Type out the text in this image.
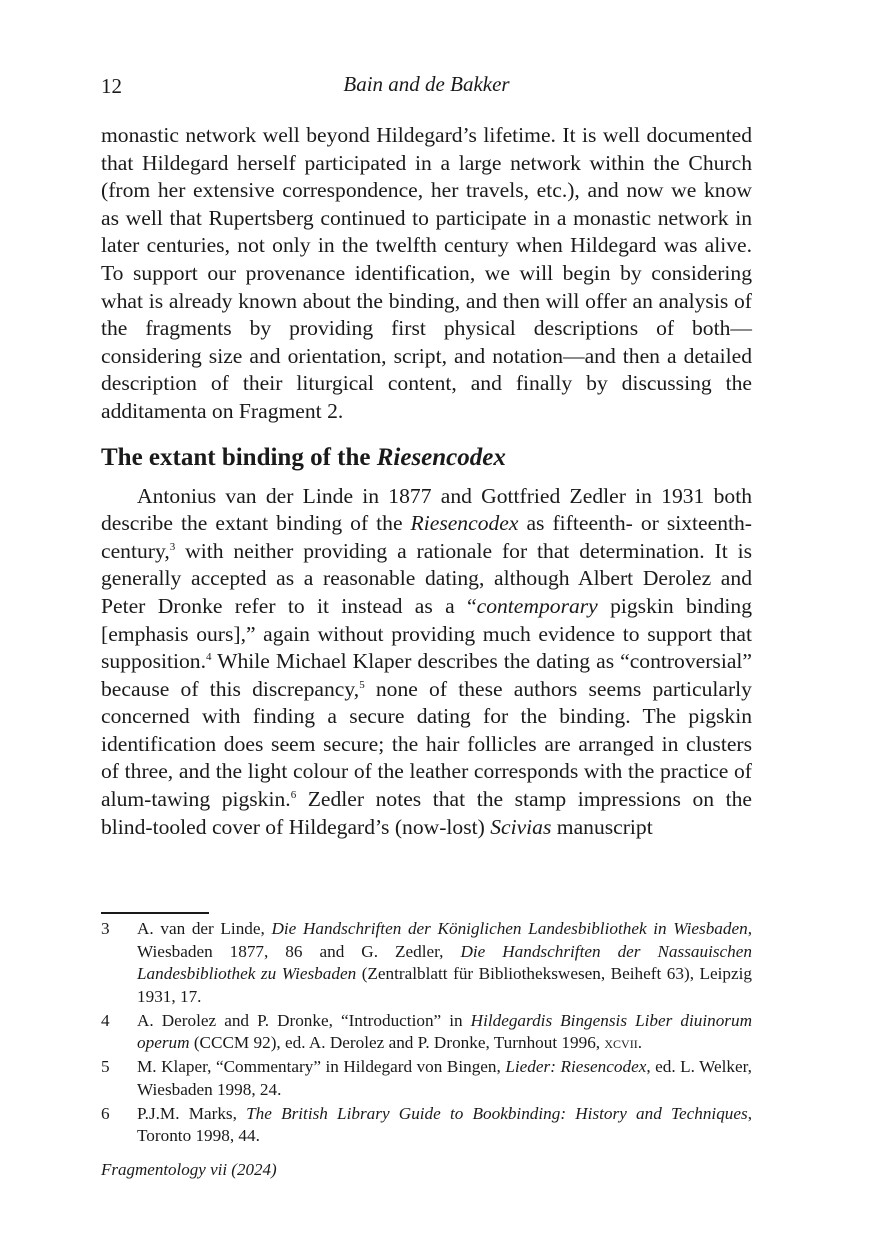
12	Bain and de Bakker

monastic network well beyond Hildegard’s lifetime. It is well documented that Hildegard herself participated in a large network within the Church (from her extensive correspondence, her travels, etc.), and now we know as well that Rupertsberg continued to participate in a monastic network in later centuries, not only in the twelfth century when Hildegard was alive. To support our provenance identification, we will begin by considering what is already known about the binding, and then will offer an analysis of the fragments by providing first physical descriptions of both—considering size and orientation, script, and notation—and then a detailed description of their liturgical content, and finally by discussing the additamenta on Fragment 2.

The extant binding of the Riesencodex

Antonius van der Linde in 1877 and Gottfried Zedler in 1931 both describe the extant binding of the Riesencodex as fifteenth- or sixteenth-century,$^3$ with neither providing a rationale for that determination. It is generally accepted as a reasonable dating, although Albert Derolez and Peter Dronke refer to it instead as a “contemporary pigskin binding [emphasis ours],” again without providing much evidence to support that supposition.$^4$ While Michael Klaper describes the dating as “controversial” because of this discrepancy,$^5$ none of these authors seems particularly concerned with finding a secure dating for the binding. The pigskin identification does seem secure; the hair follicles are arranged in clusters of three, and the light colour of the leather corresponds with the practice of alum-tawing pigskin.$^6$ Zedler notes that the stamp impressions on the blind-tooled cover of Hildegard’s (now-lost) Scivias manuscript

3	A. van der Linde, Die Handschriften der Königlichen Landesbibliothek in Wiesbaden, Wiesbaden 1877, 86 and G. Zedler, Die Handschriften der Nassauischen Landesbibliothek zu Wiesbaden (Zentralblatt für Bibliothekswesen, Beiheft 63), Leipzig 1931, 17.
4	A. Derolez and P. Dronke, “Introduction” in Hildegardis Bingensis Liber diuinorum operum (CCCM 92), ed. A. Derolez and P. Dronke, Turnhout 1996, xcvii.
5	M. Klaper, “Commentary” in Hildegard von Bingen, Lieder: Riesencodex, ed. L. Welker, Wiesbaden 1998, 24.
6	P.J.M. Marks, The British Library Guide to Bookbinding: History and Techniques, Toronto 1998, 44.
Fragmentology vii (2024)
